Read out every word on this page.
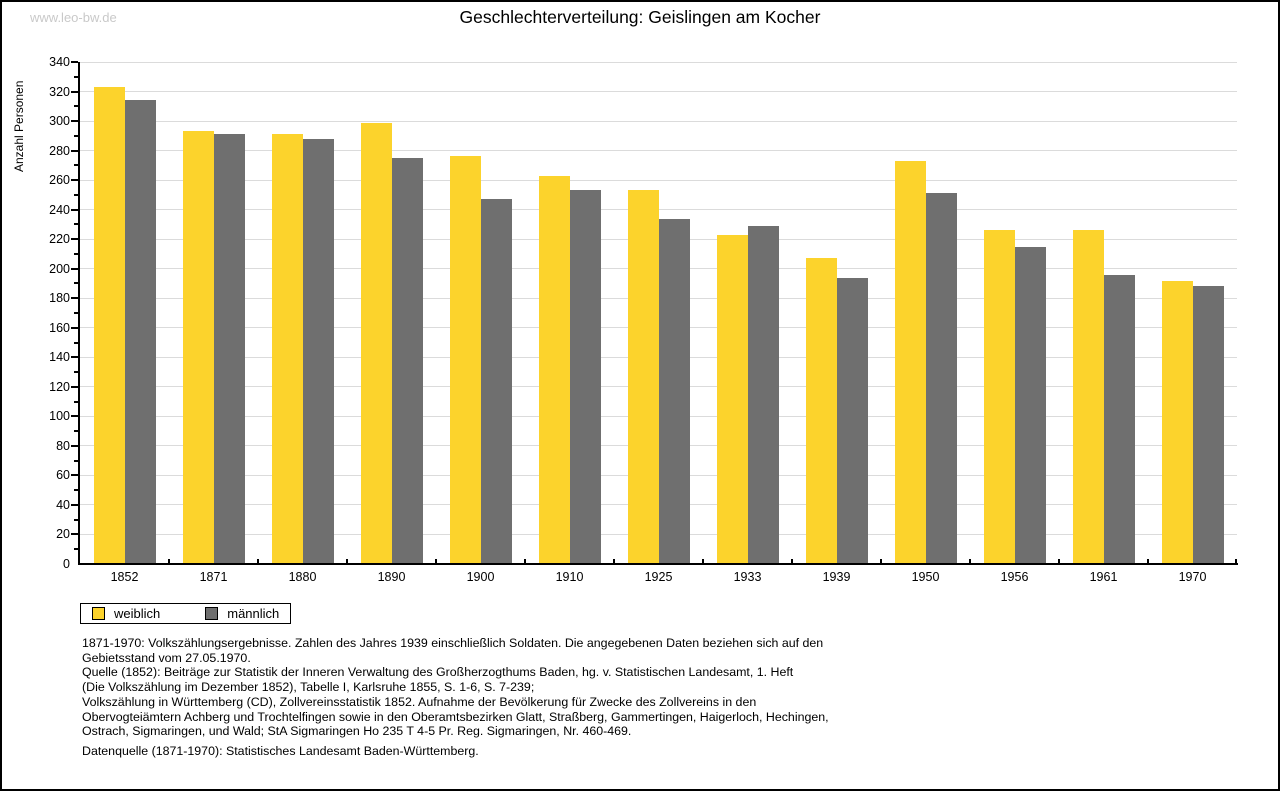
www.leo-bw.de	Geschlechterverteilung: Geislingen am Kocher
Anzahl Personen
0
20
40
60
80
100
120
140
160
180
200
220
240
260
280
300
320
340
1852	1871	1880	1890	1900	1910	1925	1933	1939	1950	1956	1961	1970
weiblich	männlich
1871-1970: Volkszählungsergebnisse. Zahlen des Jahres 1939 einschließlich Soldaten. Die angegebenen Daten beziehen sich auf den
Gebietsstand vom 27.05.1970.
Quelle (1852): Beiträge zur Statistik der Inneren Verwaltung des Großherzogthums Baden, hg. v. Statistischen Landesamt, 1. Heft
(Die Volkszählung im Dezember 1852), Tabelle I, Karlsruhe 1855, S. 1-6, S. 7-239;
Volkszählung in Württemberg (CD), Zollvereinsstatistik 1852. Aufnahme der Bevölkerung für Zwecke des Zollvereins in den
Obervogteiämtern Achberg und Trochtelfingen sowie in den Oberamtsbezirken Glatt, Straßberg, Gammertingen, Haigerloch, Hechingen,
Ostrach, Sigmaringen, und Wald; StA Sigmaringen Ho 235 T 4-5 Pr. Reg. Sigmaringen, Nr. 460-469.
Datenquelle (1871-1970): Statistisches Landesamt Baden-Württemberg.
